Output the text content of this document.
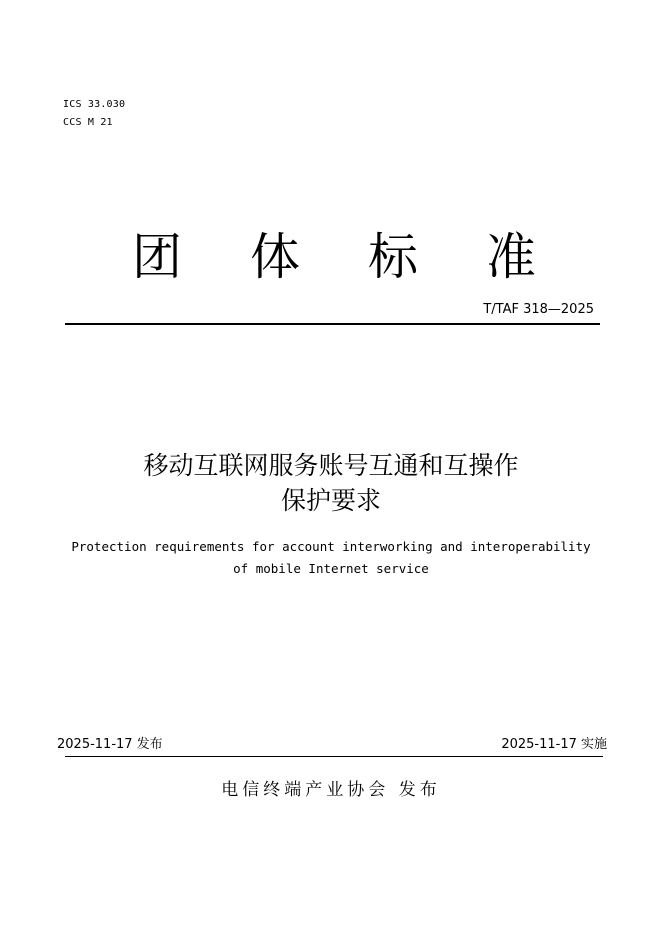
ICS 33.030
CCS M 21
团 体 标 准
T/TAF 318—2025
移动互联网服务账号互通和互操作
保护要求
Protection requirements for account interworking and interoperability
of mobile Internet service
2025-11-17 发布	2025-11-17 实施
电信终端产业协会 发布
